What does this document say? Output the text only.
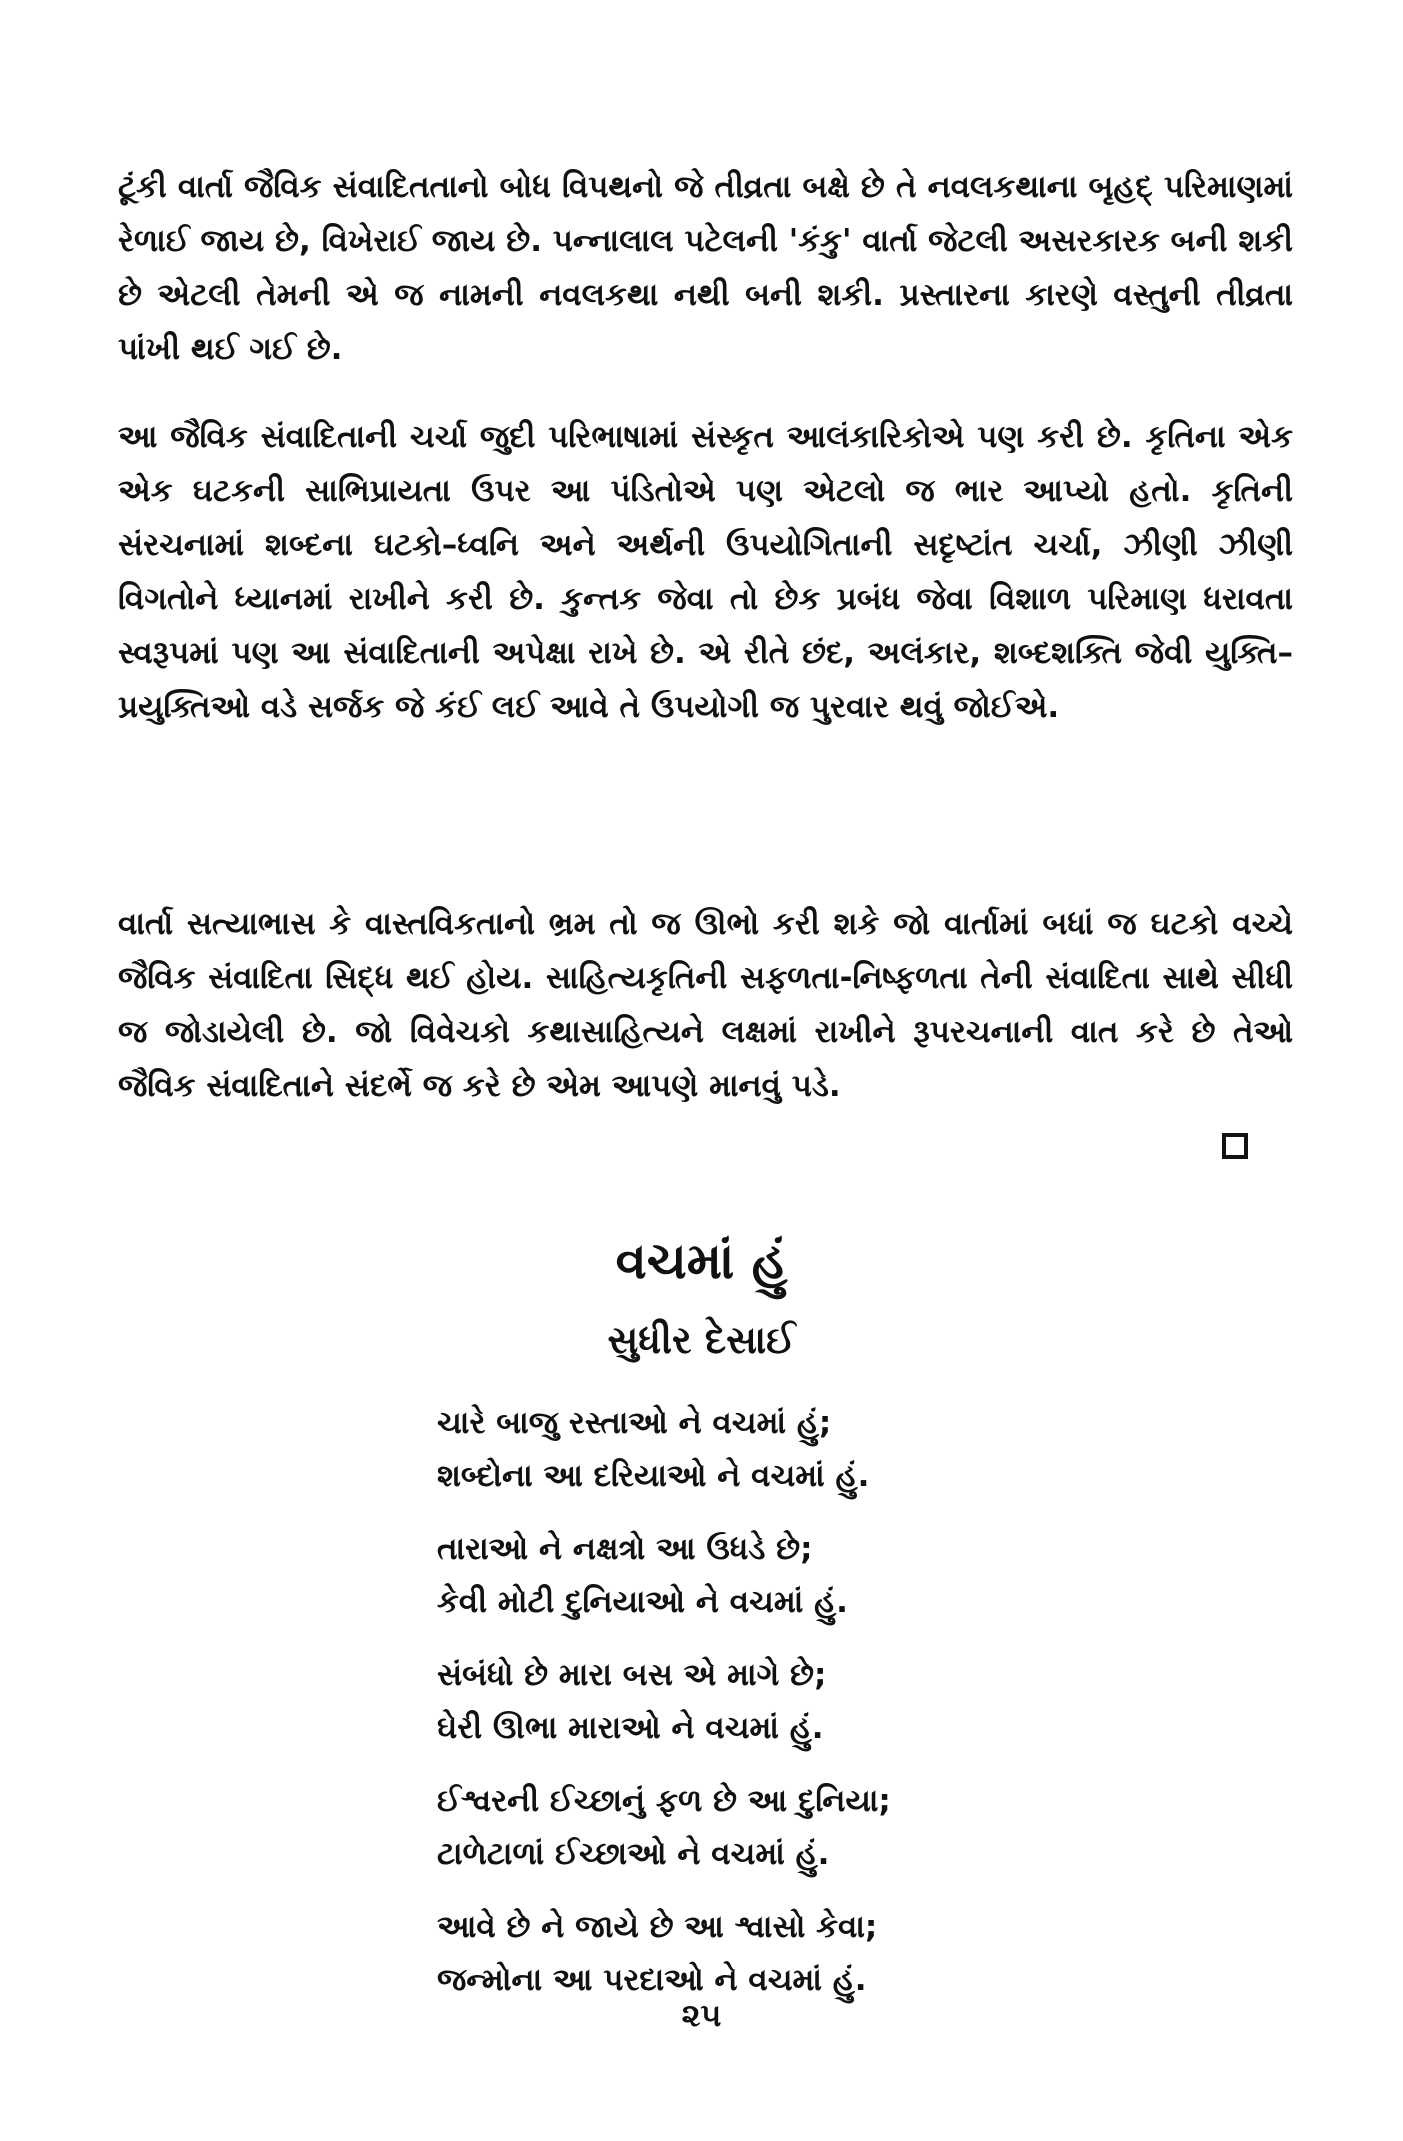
ટૂંકી વાર્તા જૈવિક સંવાદિતતાનો બોધ વિપથનો જે તીવ્રતા બક્ષે છે તે નવલકથાના બૃહદ્ પરિમાણમાં રેળાઈ જાય છે, વિખેરાઈ જાય છે. પન્નાલાલ પટેલની 'કંકુ' વાર્તા જેટલી અસરકારક બની શકી છે એટલી તેમની એ જ નામની નવલકથા નથી બની શકી. પ્રસ્તારના કારણે વસ્તુની તીવ્રતા પાંખી થઈ ગઈ છે.

આ જૈવિક સંવાદિતાની ચર્ચા જુદી પરિભાષામાં સંસ્કૃત આલંકારિકોએ પણ કરી છે. કૃતિના એક એક ઘટકની સાભિપ્રાયતા ઉપર આ પંડિતોએ પણ એટલો જ ભાર આપ્યો હતો. કૃતિની સંરચનામાં શબ્દના ઘટકો–ધ્વનિ અને અર્થની ઉપયોગિતાની સદૃષ્ટાંત ચર્ચા, ઝીણી ઝીણી વિગતોને ધ્યાનમાં રાખીને કરી છે. કુન્તક જેવા તો છેક પ્રબંધ જેવા વિશાળ પરિમાણ ધરાવતા સ્વરૂપમાં પણ આ સંવાદિતાની અપેક્ષા રાખે છે. એ રીતે છંદ, અલંકાર, શબ્દશક્તિ જેવી યુક્તિ–પ્રયુક્તિઓ વડે સર્જક જે કંઈ લઈ આવે તે ઉપયોગી જ પુરવાર થવું જોઈએ.

વાર્તા સત્યાભાસ કે વાસ્તવિકતાનો ભ્રમ તો જ ઊભો કરી શકે જો વાર્તામાં બધાં જ ઘટકો વચ્ચે જૈવિક સંવાદિતા સિદ્ધ થઈ હોય. સાહિત્યકૃતિની સફળતા-નિષ્ફળતા તેની સંવાદિતા સાથે સીધી જ જોડાયેલી છે. જો વિવેચકો કથાસાહિત્યને લક્ષમાં રાખીને રૂપરચનાની વાત કરે છે તેઓ જૈવિક સંવાદિતાને સંદર્ભે જ કરે છે એમ આપણે માનવું પડે.

વચમાં હું
સુધીર દેસાઈ
ચારે બાજુ રસ્તાઓ ને વચમાં હું;
શબ્દોના આ દરિયાઓ ને વચમાં હું.
તારાઓ ને નક્ષત્રો આ ઉધડે છે;
કેવી મોટી દુનિયાઓ ને વચમાં હું.
સંબંધો છે મારા બસ એ માગે છે;
ઘેરી ઊભા મારાઓ ને વચમાં હું.
ઈશ્વરની ઈચ્છાનું ફળ છે આ દુનિયા;
ટાળેટાળાં ઈચ્છાઓ ને વચમાં હું.
આવે છે ને જાયે છે આ શ્વાસો કેવા;
જન્મોના આ પરદાઓ ને વચમાં હું.
૨૫
